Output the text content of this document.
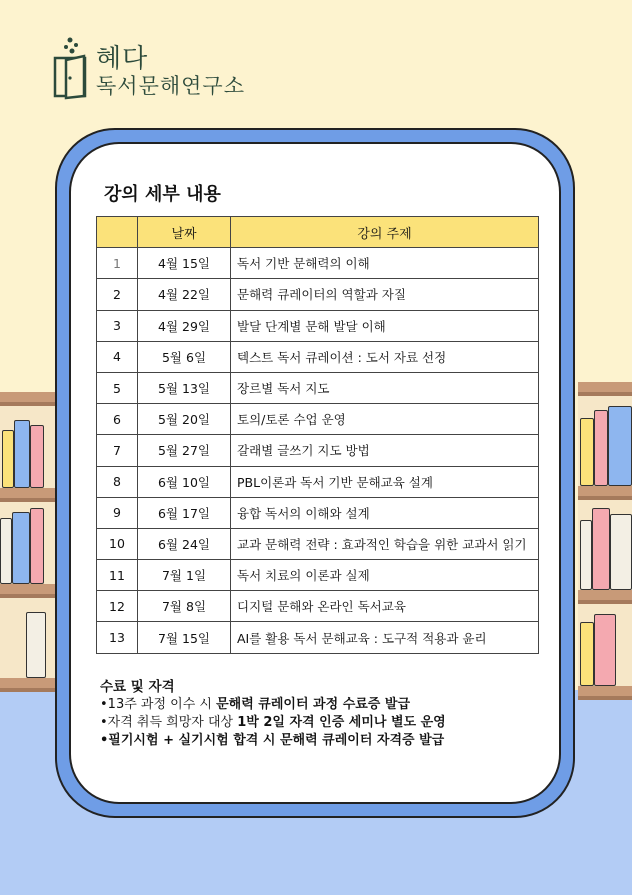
혜다
독서문해연구소
강의 세부 내용
	날짜	강의 주제
1	4월 15일	독서 기반 문해력의 이해
2	4월 22일	문해력 큐레이터의 역할과 자질
3	4월 29일	발달 단계별 문해 발달 이해
4	5월 6일	텍스트 독서 큐레이션 : 도서 자료 선정
5	5월 13일	장르별 독서 지도
6	5월 20일	토의/토론 수업 운영
7	5월 27일	갈래별 글쓰기 지도 방법
8	6월 10일	PBL이론과 독서 기반 문해교육 설계
9	6월 17일	융합 독서의 이해와 설계
10	6월 24일	교과 문해력 전략 : 효과적인 학습을 위한 교과서 읽기
11	7월 1일	독서 치료의 이론과 실제
12	7월 8일	디지털 문해와 온라인 독서교육
13	7월 15일	AI를 활용 독서 문해교육 : 도구적 적용과 윤리
수료 및 자격
•13주 과정 이수 시 문해력 큐레이터 과정 수료증 발급
•자격 취득 희망자 대상 1박 2일 자격 인증 세미나 별도 운영
•필기시험 + 실기시험 합격 시 문해력 큐레이터 자격증 발급
